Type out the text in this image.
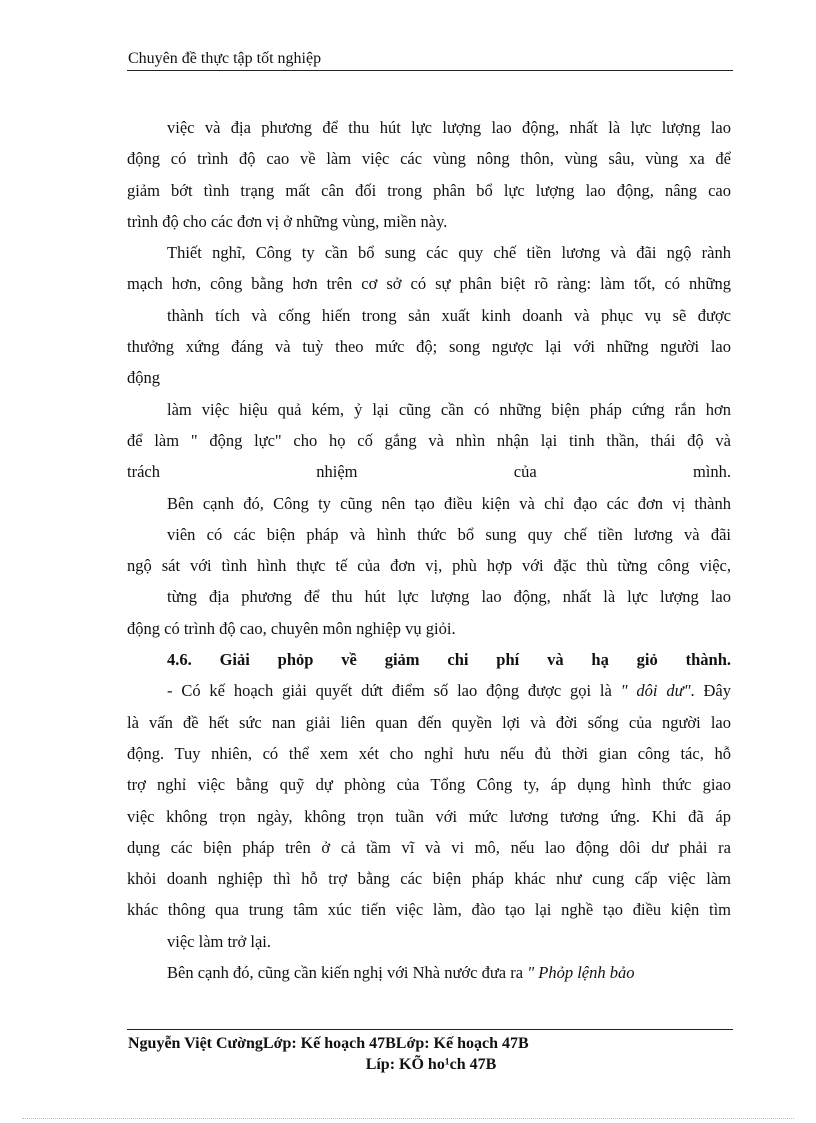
Chuyên đề thực tập tốt nghiệp
việc và địa phương để thu hút lực lượng lao động, nhất là lực lượng lao
động có trình độ cao về làm việc các vùng nông thôn, vùng sâu, vùng xa để
giảm bớt tình trạng mất cân đối trong phân bổ lực lượng lao động, nâng cao
trình độ cho các đơn vị ở những vùng, miền này.
Thiết nghĩ, Công ty cần bổ sung các quy chế tiền lương và đãi ngộ rành
mạch hơn, công bằng hơn trên cơ sở có sự phân biệt rõ ràng: làm tốt, có những
thành tích và cống hiến trong sản xuất kinh doanh và phục vụ sẽ được
thưởng xứng đáng và tuỳ theo mức độ; song ngược lại với những người lao
động
làm việc hiệu quả kém, ỷ lại cũng cần có những biện pháp cứng rắn hơn
để làm " động lực" cho họ cố gắng và nhìn nhận lại tinh thần, thái độ và
trách nhiệm của mình.
Bên cạnh đó, Công ty cũng nên tạo điều kiện và chỉ đạo các đơn vị thành
viên có các biện pháp và hình thức bổ sung quy chế tiền lương và đãi
ngộ sát với tình hình thực tế của đơn vị, phù hợp với đặc thù từng công việc,
từng địa phương để thu hút lực lượng lao động, nhất là lực lượng lao
động có trình độ cao, chuyên môn nghiệp vụ giỏi.
4.6. Giải phỏp về giảm chi phí và hạ giỏ thành.
- Có kế hoạch giải quyết dứt điểm số lao động được gọi là " dôi dư". Đây
là vấn đề hết sức nan giải liên quan đến quyền lợi và đời sống của người lao
động. Tuy nhiên, có thể xem xét cho nghỉ hưu nếu đủ thời gian công tác, hỗ
trợ nghỉ việc bằng quỹ dự phòng của Tổng Công ty, áp dụng hình thức giao
việc không trọn ngày, không trọn tuần với mức lương tương ứng. Khi đã áp
dụng các biện pháp trên ở cả tầm vĩ và vi mô, nếu lao động dôi dư phải ra
khỏi doanh nghiệp thì hỗ trợ bằng các biện pháp khác như cung cấp việc làm
khác thông qua trung tâm xúc tiến việc làm, đào tạo lại nghề tạo điều kiện tìm
việc làm trở lại.
Bên cạnh đó, cũng cần kiến nghị với Nhà nước đưa ra " Phỏp lệnh bảo
Nguyễn Việt CườngLớp: Kế hoạch 47BLớp: Kế hoạch 47B
Líp: KÕ ho¹ch 47B
